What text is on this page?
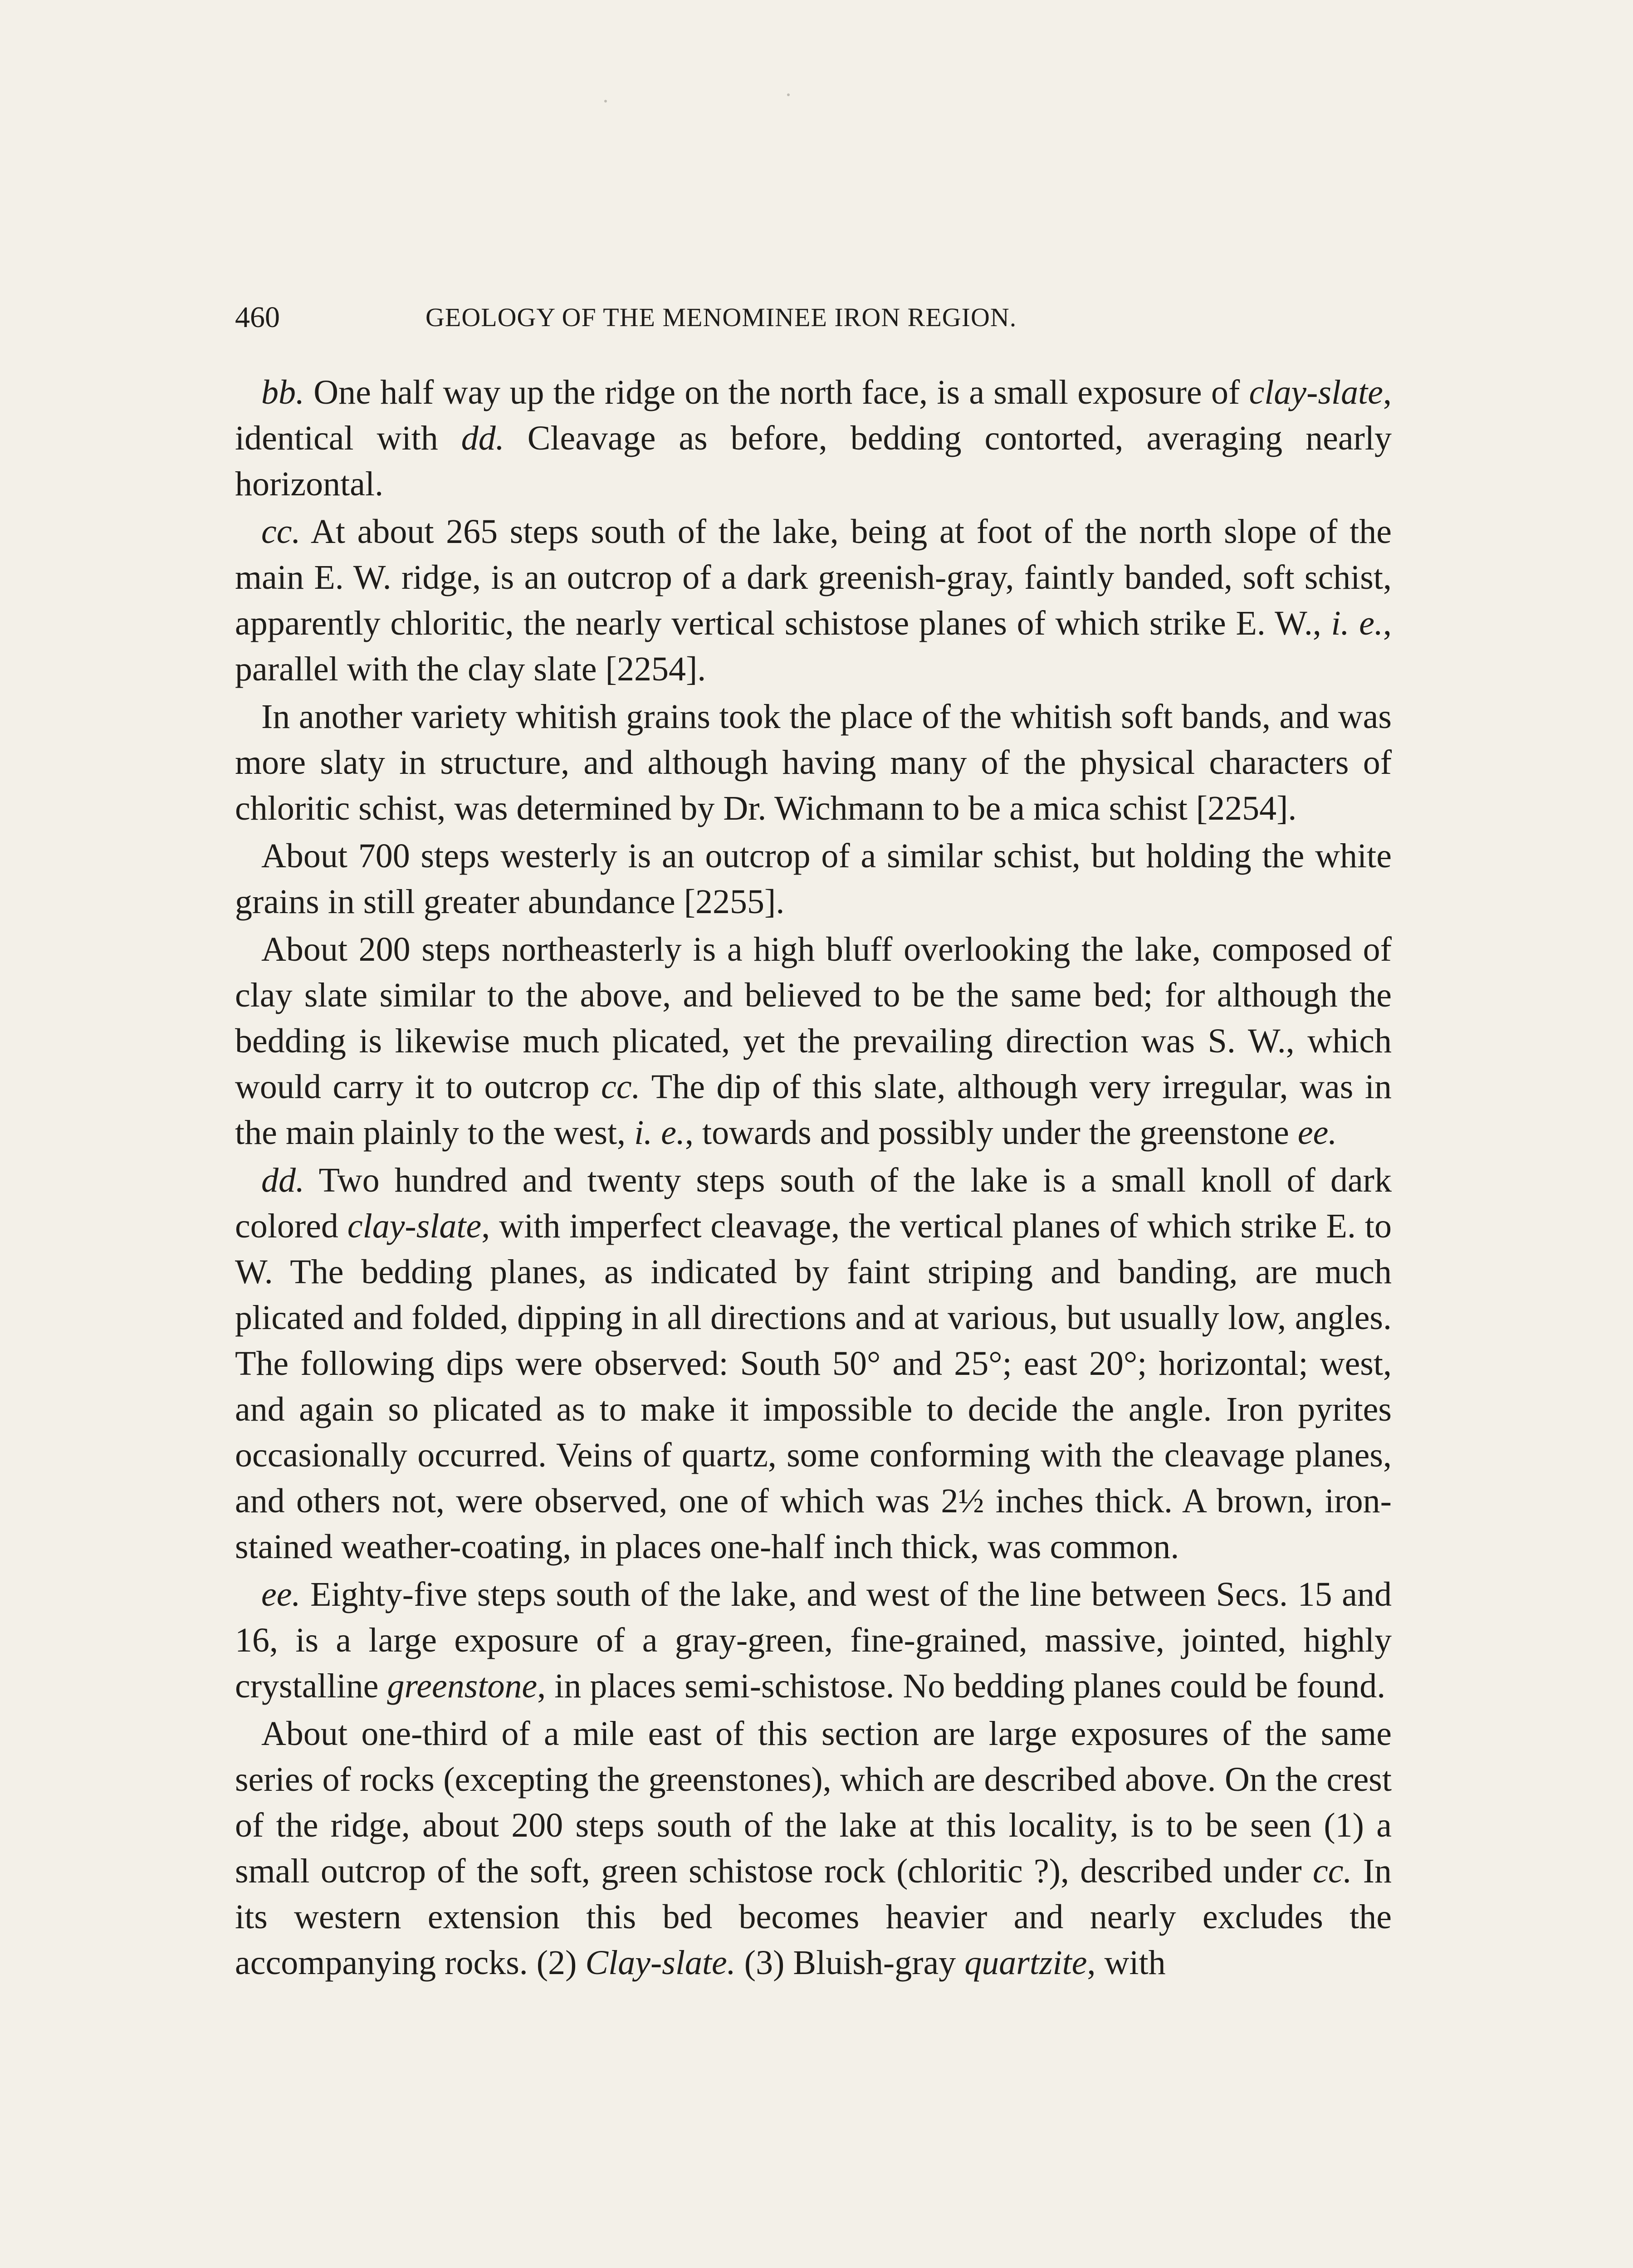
460	GEOLOGY OF THE MENOMINEE IRON REGION.

bb. One half way up the ridge on the north face, is a small exposure of clay-slate, identical with dd. Cleavage as before, bedding contorted, averaging nearly horizontal.

cc. At about 265 steps south of the lake, being at foot of the north slope of the main E. W. ridge, is an outcrop of a dark greenish-gray, faintly banded, soft schist, apparently chloritic, the nearly vertical schistose planes of which strike E. W., i. e., parallel with the clay slate [2254].

In another variety whitish grains took the place of the whitish soft bands, and was more slaty in structure, and although having many of the physical characters of chloritic schist, was determined by Dr. Wichmann to be a mica schist [2254].

About 700 steps westerly is an outcrop of a similar schist, but holding the white grains in still greater abundance [2255].

About 200 steps northeasterly is a high bluff overlooking the lake, composed of clay slate similar to the above, and believed to be the same bed; for although the bedding is likewise much plicated, yet the prevailing direction was S. W., which would carry it to outcrop cc. The dip of this slate, although very irregular, was in the main plainly to the west, i. e., towards and possibly under the greenstone ee.

dd. Two hundred and twenty steps south of the lake is a small knoll of dark colored clay-slate, with imperfect cleavage, the vertical planes of which strike E. to W. The bedding planes, as indicated by faint striping and banding, are much plicated and folded, dipping in all directions and at various, but usually low, angles. The following dips were observed: South 50° and 25°; east 20°; horizontal; west, and again so plicated as to make it impossible to decide the angle. Iron pyrites occasionally occurred. Veins of quartz, some conforming with the cleavage planes, and others not, were observed, one of which was 2½ inches thick. A brown, iron-stained weather-coating, in places one-half inch thick, was common.

ee. Eighty-five steps south of the lake, and west of the line between Secs. 15 and 16, is a large exposure of a gray-green, fine-grained, massive, jointed, highly crystalline greenstone, in places semi-schistose. No bedding planes could be found.

About one-third of a mile east of this section are large exposures of the same series of rocks (excepting the greenstones), which are described above. On the crest of the ridge, about 200 steps south of the lake at this locality, is to be seen (1) a small outcrop of the soft, green schistose rock (chloritic ?), described under cc. In its western extension this bed becomes heavier and nearly excludes the accompanying rocks. (2) Clay-slate. (3) Bluish-gray quartzite, with
